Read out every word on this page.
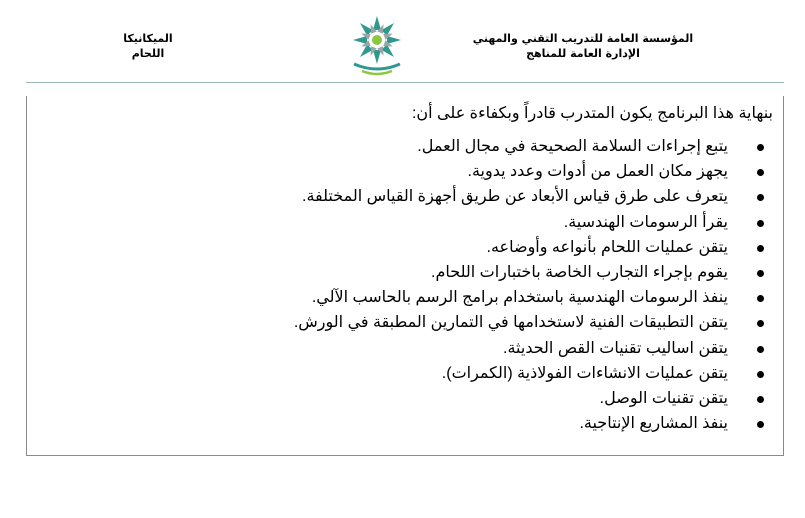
المؤسسة العامة للتدريب التقني والمهني
الإدارة العامة للمناهج
الميكانيكا
اللحام
بنهاية هذا البرنامج يكون المتدرب قادراً وبكفاءة على أن:
يتبع إجراءات السلامة الصحيحة في مجال العمل.
يجهز مكان العمل من أدوات وعدد يدوية.
يتعرف على طرق قياس الأبعاد عن طريق أجهزة القياس المختلفة.
يقرأ الرسومات الهندسية.
يتقن عمليات اللحام بأنواعه وأوضاعه.
يقوم بإجراء التجارب الخاصة باختبارات اللحام.
ينفذ الرسومات الهندسية باستخدام برامج الرسم بالحاسب الآلي.
يتقن التطبيقات الفنية لاستخدامها في التمارين المطبقة في الورش.
يتقن اساليب تقنيات القص الحديثة.
يتقن عمليات الانشاءات الفولاذية (الكمرات).
يتقن تقنيات الوصل.
ينفذ المشاريع الإنتاجية.
